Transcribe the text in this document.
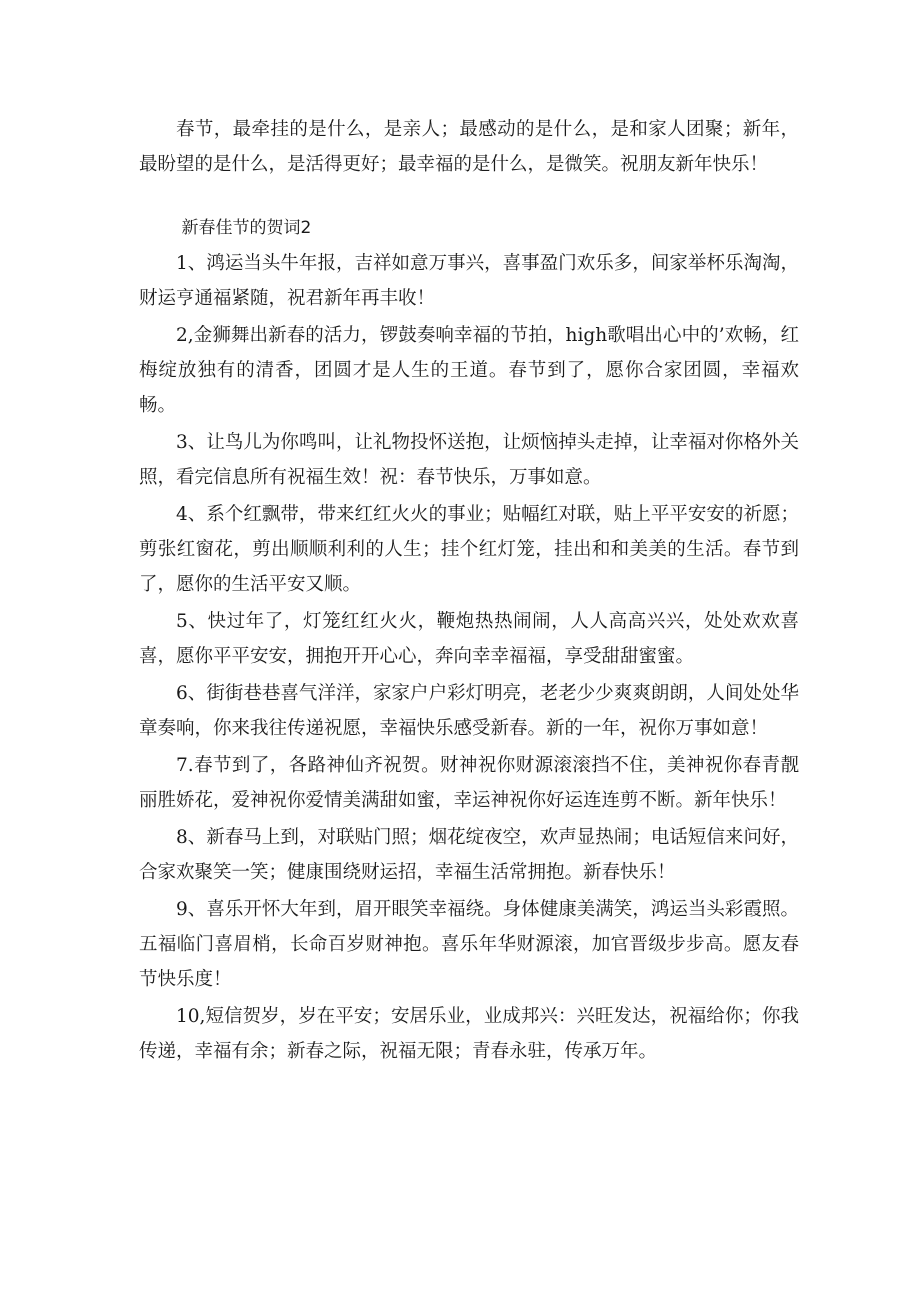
春节，最牵挂的是什么，是亲人；最感动的是什么，是和家人团聚；新年，最盼望的是什么，是活得更好；最幸福的是什么，是微笑。祝朋友新年快乐！

新春佳节的贺词2

1、鸿运当头牛年报，吉祥如意万事兴，喜事盈门欢乐多，间家举杯乐淘淘，财运亨通福紧随，祝君新年再丰收！

2,金狮舞出新春的活力，锣鼓奏响幸福的节拍，high歌唱出心中的’欢畅，红梅绽放独有的清香，团圆才是人生的王道。春节到了，愿你合家团圆，幸福欢畅。

3、让鸟儿为你鸣叫，让礼物投怀送抱，让烦恼掉头走掉，让幸福对你格外关照，看完信息所有祝福生效！祝：春节快乐，万事如意。

4、系个红飘带，带来红红火火的事业；贴幅红对联，贴上平平安安的祈愿；剪张红窗花，剪出顺顺利利的人生；挂个红灯笼，挂出和和美美的生活。春节到了，愿你的生活平安又顺。

5、快过年了，灯笼红红火火，鞭炮热热闹闹，人人高高兴兴，处处欢欢喜喜，愿你平平安安，拥抱开开心心，奔向幸幸福福，享受甜甜蜜蜜。

6、街街巷巷喜气洋洋，家家户户彩灯明亮，老老少少爽爽朗朗，人间处处华章奏响，你来我往传递祝愿，幸福快乐感受新春。新的一年，祝你万事如意！

7.春节到了，各路神仙齐祝贺。财神祝你财源滚滚挡不住，美神祝你春青靓丽胜娇花，爱神祝你爱情美满甜如蜜，幸运神祝你好运连连剪不断。新年快乐！

8、新春马上到，对联贴门照；烟花绽夜空，欢声显热闹；电话短信来问好，合家欢聚笑一笑；健康围绕财运招，幸福生活常拥抱。新春快乐！

9、喜乐开怀大年到，眉开眼笑幸福绕。身体健康美满笑，鸿运当头彩霞照。五福临门喜眉梢，长命百岁财神抱。喜乐年华财源滚，加官晋级步步高。愿友春节快乐度！

10,短信贺岁，岁在平安；安居乐业，业成邦兴：兴旺发达，祝福给你；你我传递，幸福有余；新春之际，祝福无限；青春永驻，传承万年。
